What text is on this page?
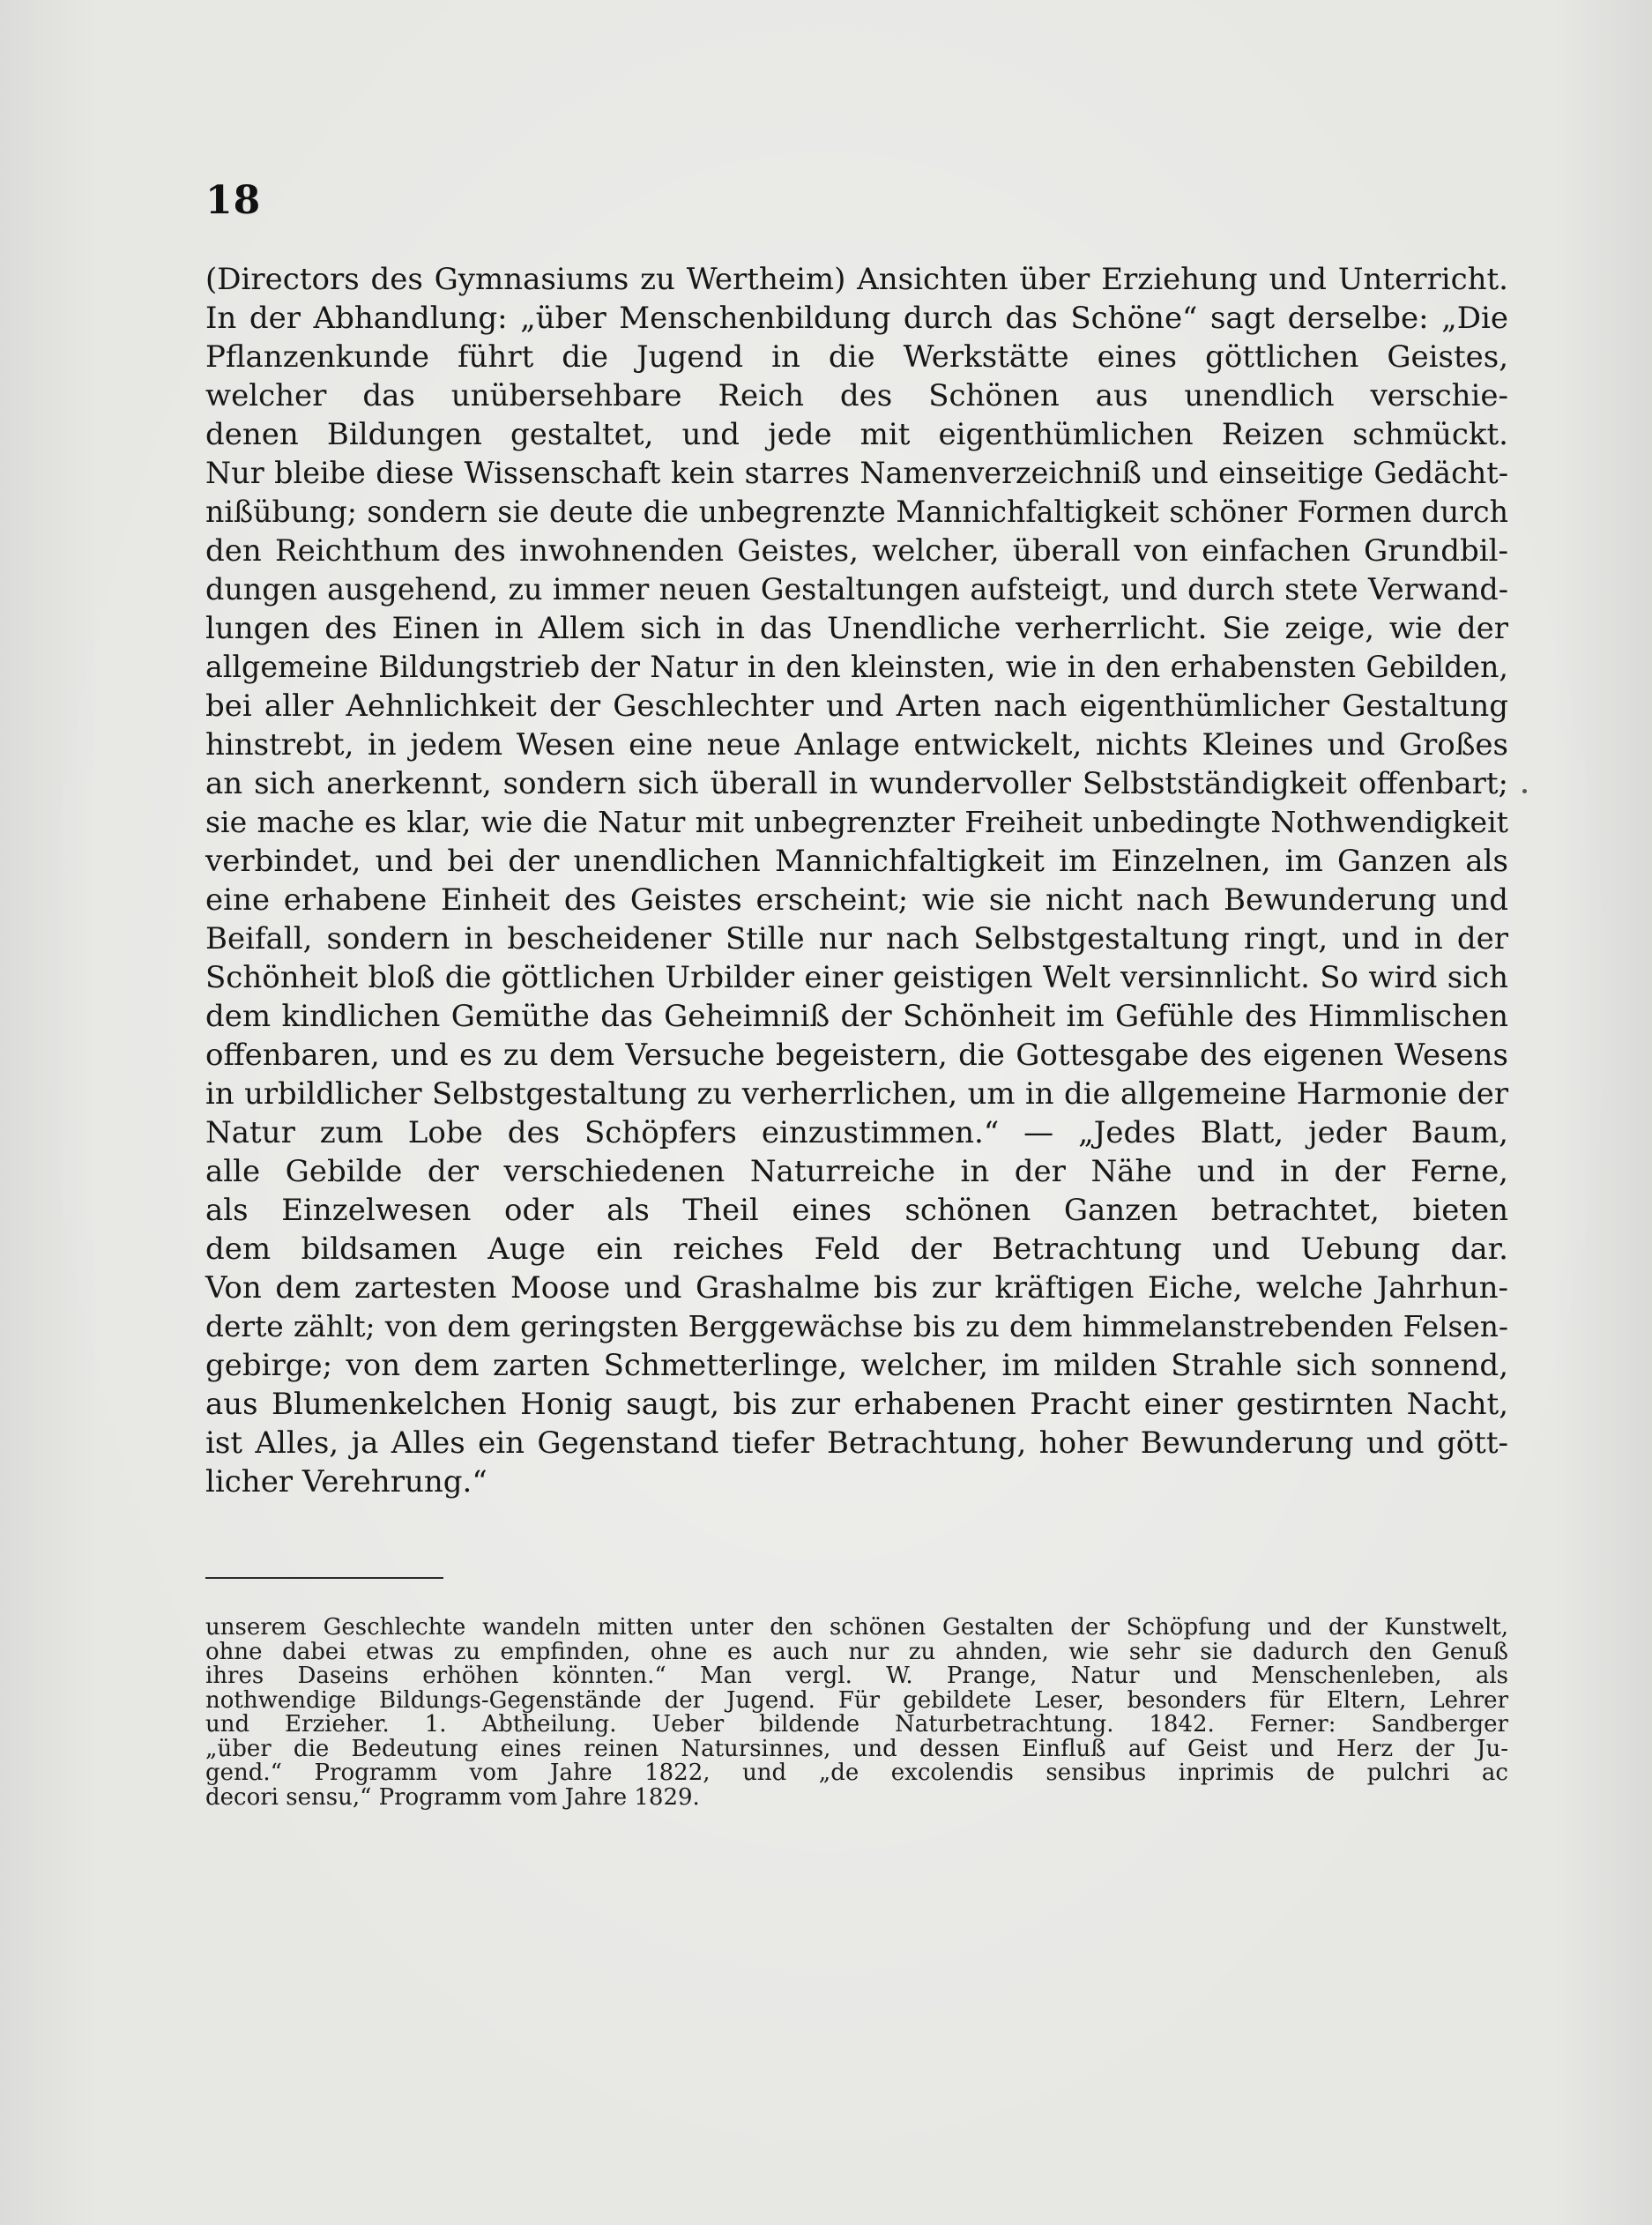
18
(Directors des Gymnasiums zu Wertheim) Ansichten über Erziehung und Unterricht.
In der Abhandlung: „über Menschenbildung durch das Schöne“ sagt derselbe: „Die
Pflanzenkunde führt die Jugend in die Werkstätte eines göttlichen Geistes,
welcher das unübersehbare Reich des Schönen aus unendlich verschie-
denen Bildungen gestaltet, und jede mit eigenthümlichen Reizen schmückt.
Nur bleibe diese Wissenschaft kein starres Namenverzeichniß und einseitige Gedächt-
nißübung; sondern sie deute die unbegrenzte Mannichfaltigkeit schöner Formen durch
den Reichthum des inwohnenden Geistes, welcher, überall von einfachen Grundbil-
dungen ausgehend, zu immer neuen Gestaltungen aufsteigt, und durch stete Verwand-
lungen des Einen in Allem sich in das Unendliche verherrlicht. Sie zeige, wie der
allgemeine Bildungstrieb der Natur in den kleinsten, wie in den erhabensten Gebilden,
bei aller Aehnlichkeit der Geschlechter und Arten nach eigenthümlicher Gestaltung
hinstrebt, in jedem Wesen eine neue Anlage entwickelt, nichts Kleines und Großes
an sich anerkennt, sondern sich überall in wundervoller Selbstständigkeit offenbart;
sie mache es klar, wie die Natur mit unbegrenzter Freiheit unbedingte Nothwendigkeit
verbindet, und bei der unendlichen Mannichfaltigkeit im Einzelnen, im Ganzen als
eine erhabene Einheit des Geistes erscheint; wie sie nicht nach Bewunderung und
Beifall, sondern in bescheidener Stille nur nach Selbstgestaltung ringt, und in der
Schönheit bloß die göttlichen Urbilder einer geistigen Welt versinnlicht. So wird sich
dem kindlichen Gemüthe das Geheimniß der Schönheit im Gefühle des Himmlischen
offenbaren, und es zu dem Versuche begeistern, die Gottesgabe des eigenen Wesens
in urbildlicher Selbstgestaltung zu verherrlichen, um in die allgemeine Harmonie der
Natur zum Lobe des Schöpfers einzustimmen.“ — „Jedes Blatt, jeder Baum,
alle Gebilde der verschiedenen Naturreiche in der Nähe und in der Ferne,
als Einzelwesen oder als Theil eines schönen Ganzen betrachtet, bieten
dem bildsamen Auge ein reiches Feld der Betrachtung und Uebung dar.
Von dem zartesten Moose und Grashalme bis zur kräftigen Eiche, welche Jahrhun-
derte zählt; von dem geringsten Berggewächse bis zu dem himmelanstrebenden Felsen-
gebirge; von dem zarten Schmetterlinge, welcher, im milden Strahle sich sonnend,
aus Blumenkelchen Honig saugt, bis zur erhabenen Pracht einer gestirnten Nacht,
ist Alles, ja Alles ein Gegenstand tiefer Betrachtung, hoher Bewunderung und gött-
licher Verehrung.“
unserem Geschlechte wandeln mitten unter den schönen Gestalten der Schöpfung und der Kunstwelt,
ohne dabei etwas zu empfinden, ohne es auch nur zu ahnden, wie sehr sie dadurch den Genuß
ihres Daseins erhöhen könnten.“ Man vergl. W. Prange, Natur und Menschenleben, als
nothwendige Bildungs-Gegenstände der Jugend. Für gebildete Leser, besonders für Eltern, Lehrer
und Erzieher. 1. Abtheilung. Ueber bildende Naturbetrachtung. 1842. Ferner: Sandberger
„über die Bedeutung eines reinen Natursinnes, und dessen Einfluß auf Geist und Herz der Ju-
gend.“ Programm vom Jahre 1822, und „de excolendis sensibus inprimis de pulchri ac
decori sensu,“ Programm vom Jahre 1829.
